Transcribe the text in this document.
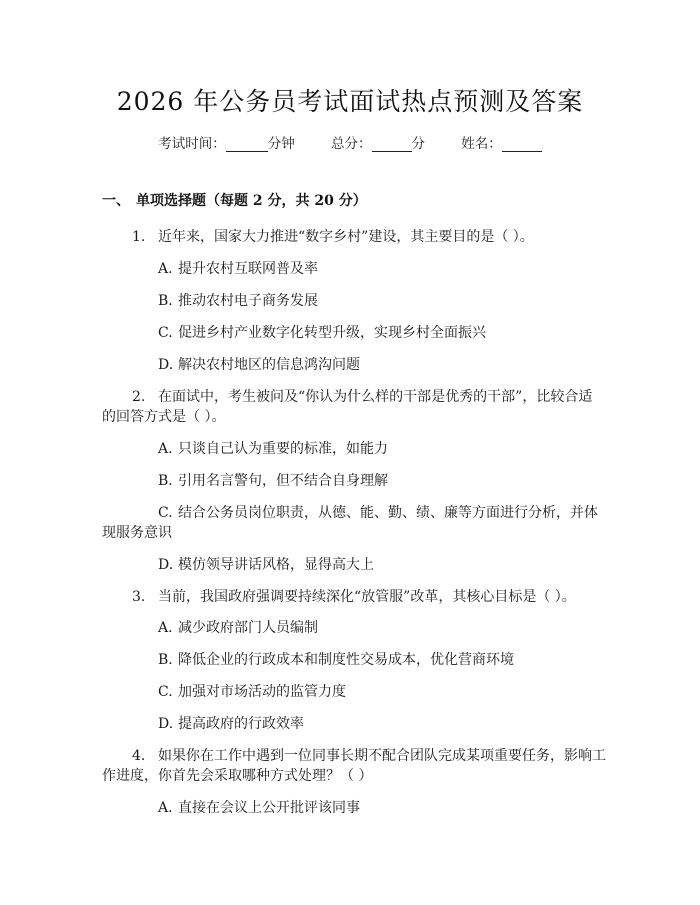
2026 年公务员考试面试热点预测及答案
考试时间：	分钟	总分：	分	姓名：
一、 单项选择题（每题 2 分，共 20 分）
1. 近年来，国家大力推进“数字乡村”建设，其主要目的是（ ）。
A. 提升农村互联网普及率
B. 推动农村电子商务发展
C. 促进乡村产业数字化转型升级，实现乡村全面振兴
D. 解决农村地区的信息鸿沟问题
2. 在面试中，考生被问及“你认为什么样的干部是优秀的干部”，比较合适
的回答方式是（ ）。
A. 只谈自己认为重要的标准，如能力
B. 引用名言警句，但不结合自身理解
C. 结合公务员岗位职责，从德、能、勤、绩、廉等方面进行分析，并体
现服务意识
D. 模仿领导讲话风格，显得高大上
3. 当前，我国政府强调要持续深化“放管服”改革，其核心目标是（ ）。
A. 减少政府部门人员编制
B. 降低企业的行政成本和制度性交易成本，优化营商环境
C. 加强对市场活动的监管力度
D. 提高政府的行政效率
4. 如果你在工作中遇到一位同事长期不配合团队完成某项重要任务，影响工
作进度，你首先会采取哪种方式处理？（ ）
A. 直接在会议上公开批评该同事
